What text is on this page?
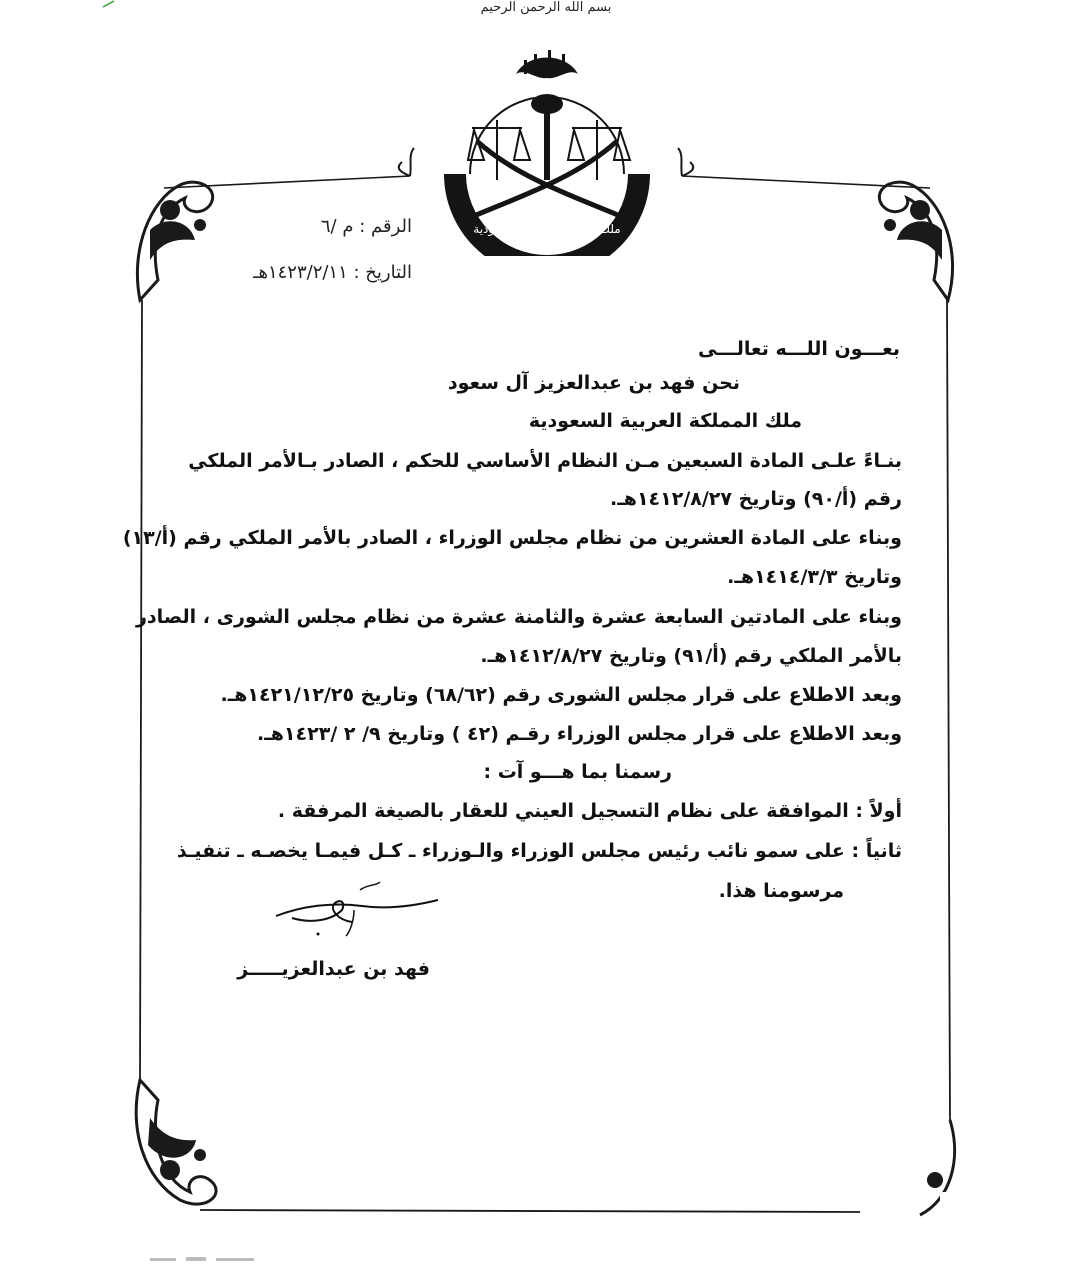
بسم الله الرحمن الرحيم
ملك المملكة العربية السعودية
الرقم : م /٦
التاريخ : ١٤٢٣/٢/١١هـ
بعـــون اللـــه تعالـــى
نحن فهد بن عبدالعزيز آل سعود
ملك المملكة العربية السعودية
بنـاءً علـى المادة السبعين مـن النظام الأساسي للحكم ، الصادر بـالأمر الملكي
رقم (أ/٩٠) وتاريخ ١٤١٢/٨/٢٧هـ.
وبناء على المادة العشرين من نظام مجلس الوزراء ، الصادر بالأمر الملكي رقم (أ/١٣)
وتاريخ ١٤١٤/٣/٣هـ.
وبناء على المادتين السابعة عشرة والثامنة عشرة من نظام مجلس الشورى ، الصادر
بالأمر الملكي رقم (أ/٩١) وتاريخ ١٤١٢/٨/٢٧هـ.
وبعد الاطلاع على قرار مجلس الشورى رقم (٦٨/٦٢) وتاريخ ١٤٢١/١٢/٢٥هـ.
وبعد الاطلاع على قرار مجلس الوزراء رقـم (٤٢ ) وتاريخ ٩/ ٢ /١٤٢٣هـ.
رسمنا بما هـــو آت :
أولاً : الموافقة على نظام التسجيل العيني للعقار بالصيغة المرفقة .
ثانياً : على سمو نائب رئيس مجلس الوزراء والـوزراء ـ كـل فيمـا يخصـه ـ تنفيـذ
مرسومنا هذا.
فهد بن عبدالعزيـــــز
